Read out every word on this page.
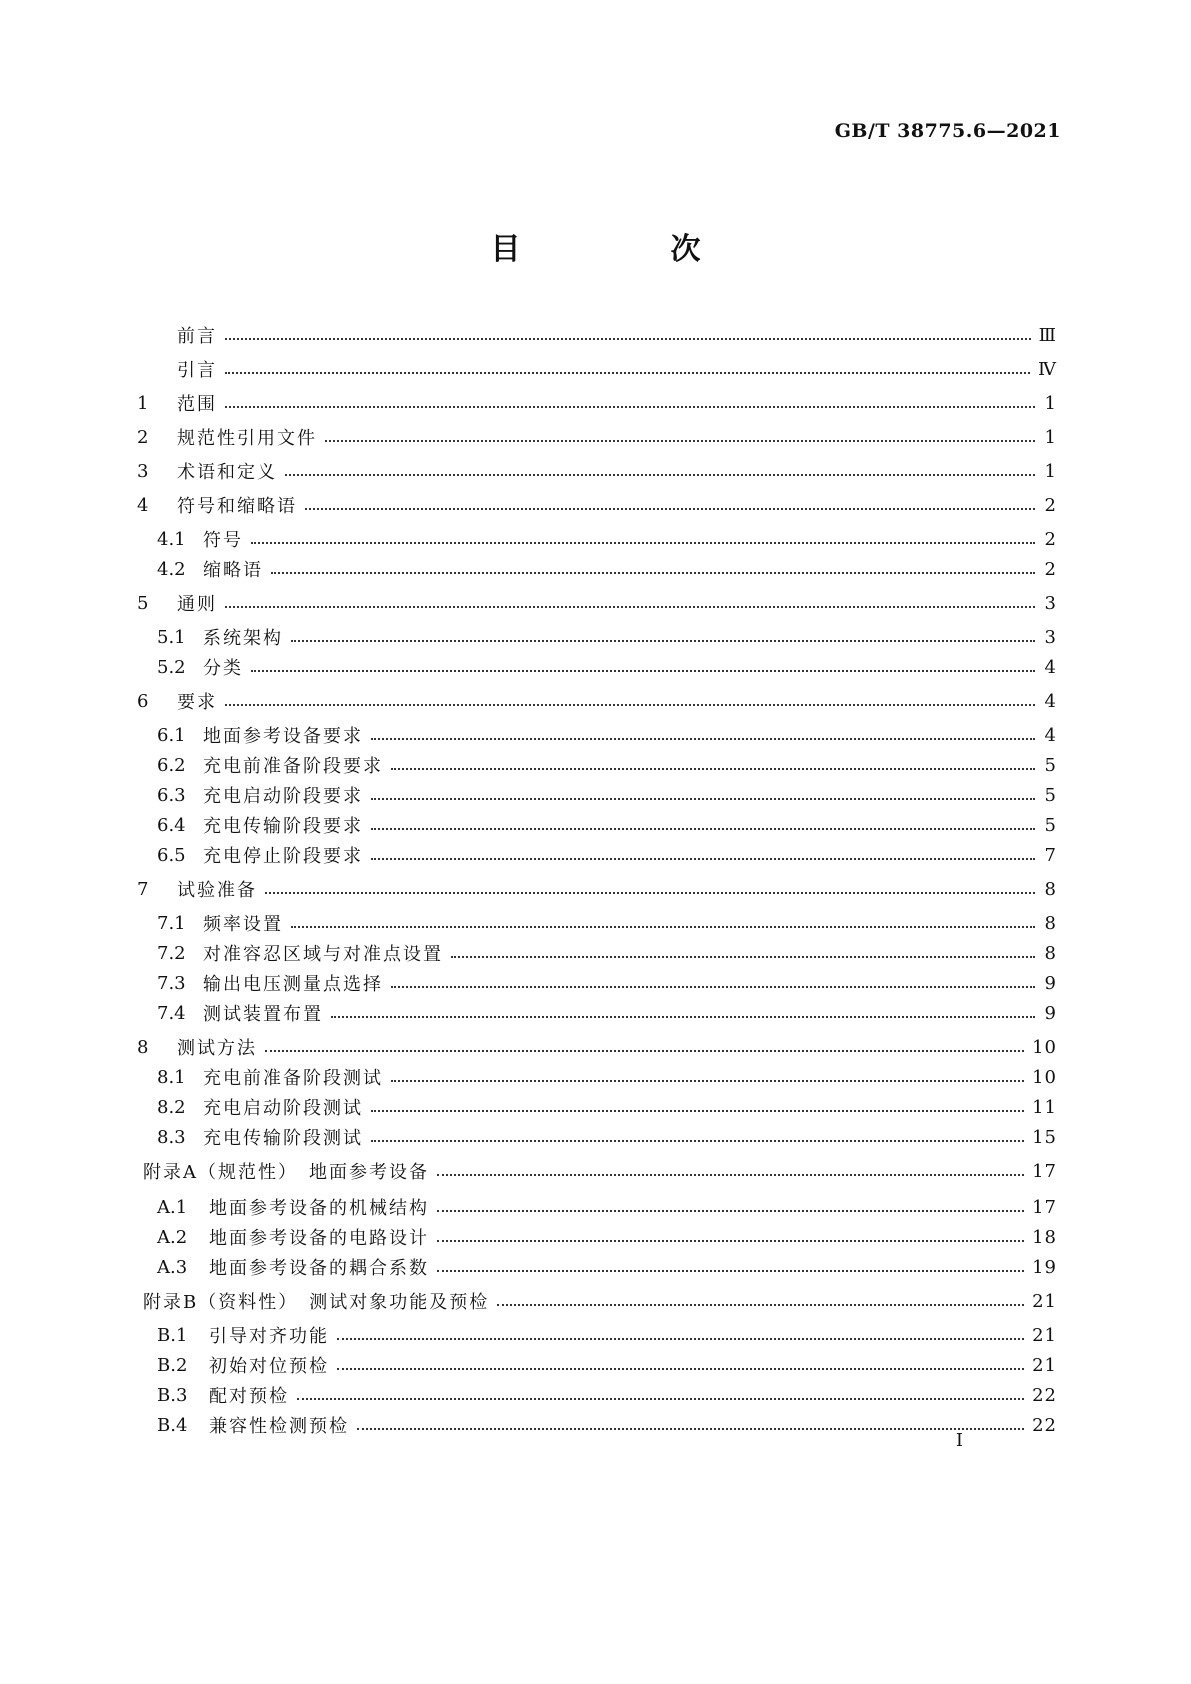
GB/T 38775.6—2021
目　次
前言	Ⅲ
引言	Ⅳ
1	范围	1
2	规范性引用文件	1
3	术语和定义	1
4	符号和缩略语	2
4.1 符号	2
4.2 缩略语	2
5	通则	3
5.1 系统架构	3
5.2 分类	4
6	要求	4
6.1 地面参考设备要求	4
6.2 充电前准备阶段要求	5
6.3 充电启动阶段要求	5
6.4 充电传输阶段要求	5
6.5 充电停止阶段要求	7
7	试验准备	8
7.1 频率设置	8
7.2 对准容忍区域与对准点设置	8
7.3 输出电压测量点选择	9
7.4 测试装置布置	9
8	测试方法	10
8.1 充电前准备阶段测试	10
8.2 充电启动阶段测试	11
8.3 充电传输阶段测试	15
附录A（规范性）　地面参考设备	17
A.1	地面参考设备的机械结构	17
A.2	地面参考设备的电路设计	18
A.3	地面参考设备的耦合系数	19
附录B（资料性）　测试对象功能及预检	21
B.1	引导对齐功能	21
B.2	初始对位预检	21
B.3	配对预检	22
B.4	兼容性检测预检	22
I
